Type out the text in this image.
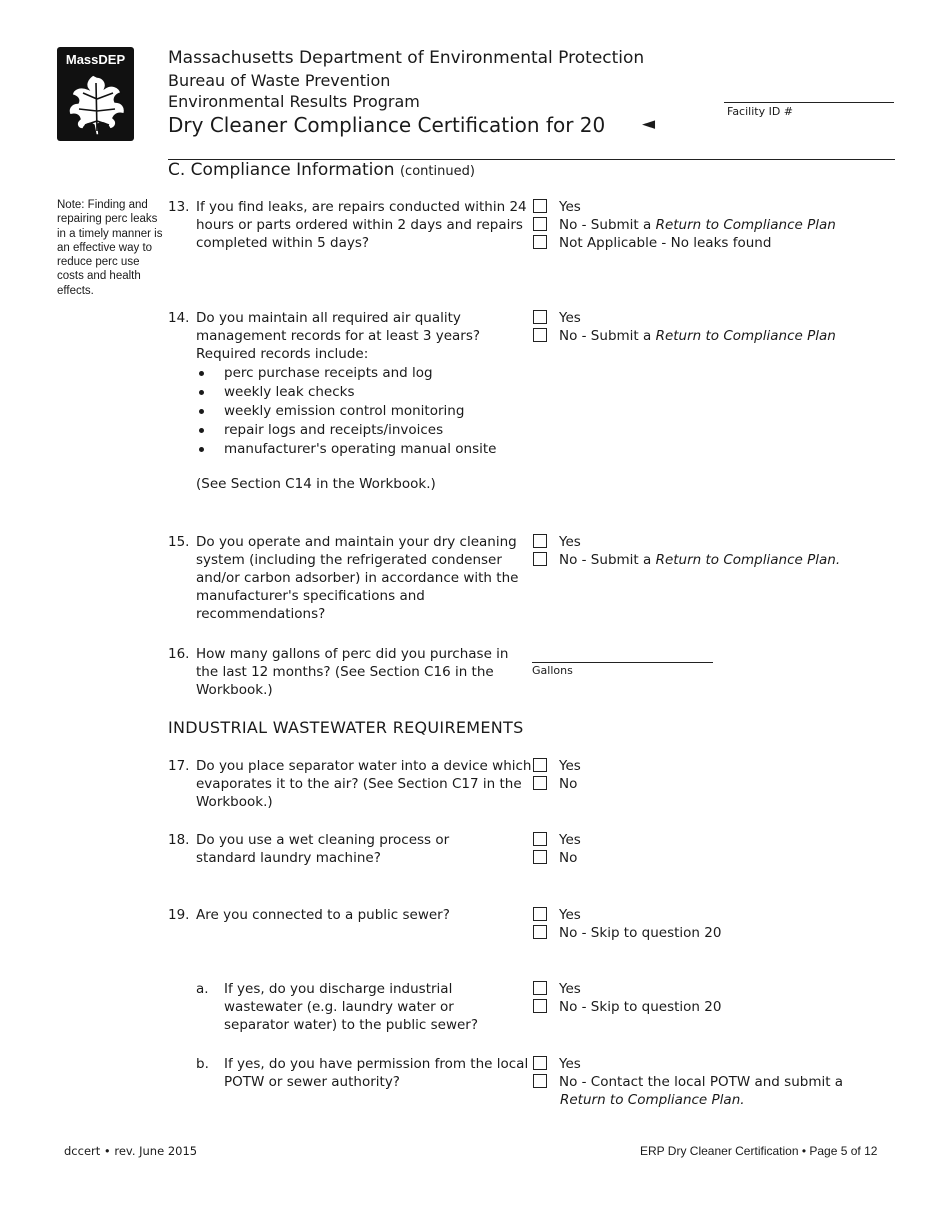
MassDEP	Massachusetts Department of Environmental Protection
Bureau of Waste Prevention
Environmental Results Program
Dry Cleaner Compliance Certification for 20 ◄
Facility ID #
C. Compliance Information (continued)
Note: Finding and repairing perc leaks in a timely manner is an effective way to reduce perc use costs and health effects.
13. If you find leaks, are repairs conducted within 24 hours or parts ordered within 2 days and repairs completed within 5 days?
Yes
No - Submit a Return to Compliance Plan
Not Applicable - No leaks found
14. Do you maintain all required air quality management records for at least 3 years? Required records include:
perc purchase receipts and log
weekly leak checks
weekly emission control monitoring
repair logs and receipts/invoices
manufacturer's operating manual onsite
(See Section C14 in the Workbook.)
Yes
No - Submit a Return to Compliance Plan
15. Do you operate and maintain your dry cleaning system (including the refrigerated condenser and/or carbon adsorber) in accordance with the manufacturer's specifications and recommendations?
Yes
No - Submit a Return to Compliance Plan.
16. How many gallons of perc did you purchase in the last 12 months? (See Section C16 in the Workbook.)
Gallons
INDUSTRIAL WASTEWATER REQUIREMENTS
17. Do you place separator water into a device which evaporates it to the air? (See Section C17 in the Workbook.)
Yes
No
18. Do you use a wet cleaning process or standard laundry machine?
Yes
No
19. Are you connected to a public sewer?	Yes
No - Skip to question 20
a. If yes, do you discharge industrial wastewater (e.g. laundry water or separator water) to the public sewer?
Yes
No - Skip to question 20
b. If yes, do you have permission from the local POTW or sewer authority?
Yes
No - Contact the local POTW and submit a
Return to Compliance Plan.
dccert • rev. June 2015	ERP Dry Cleaner Certification • Page 5 of 12
